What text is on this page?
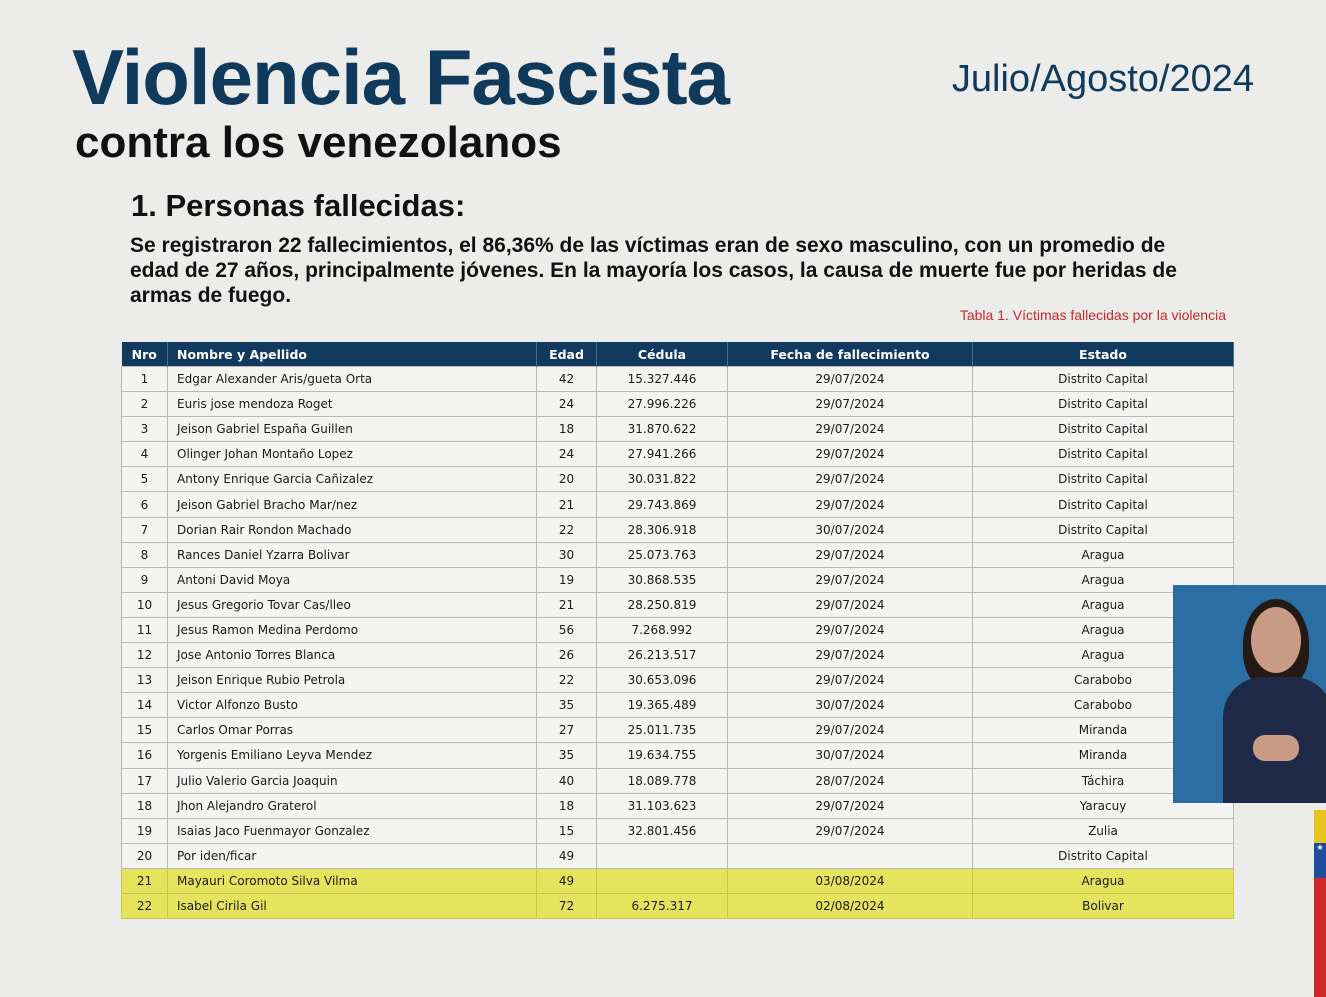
Violencia Fascista
contra los venezolanos
Julio/Agosto/2024
1. Personas fallecidas:
Se registraron 22 fallecimientos, el 86,36% de las víctimas eran de sexo masculino, con un promedio de edad de 27 años, principalmente jóvenes. En la mayoría los casos, la causa de muerte fue por heridas de armas de fuego.
Tabla 1. Víctimas fallecidas por la violencia
Nro	Nombre y Apellido	Edad	Cédula	Fecha de fallecimiento	Estado
1	Edgar Alexander Aris/gueta Orta	42	15.327.446	29/07/2024	Distrito Capital
2	Euris jose mendoza Roget	24	27.996.226	29/07/2024	Distrito Capital
3	Jeison Gabriel España Guillen	18	31.870.622	29/07/2024	Distrito Capital
4	Olinger Johan Montaño Lopez	24	27.941.266	29/07/2024	Distrito Capital
5	Antony Enrique Garcia Cañizalez	20	30.031.822	29/07/2024	Distrito Capital
6	Jeison Gabriel Bracho Mar/nez	21	29.743.869	29/07/2024	Distrito Capital
7	Dorian Rair Rondon Machado	22	28.306.918	30/07/2024	Distrito Capital
8	Rances Daniel Yzarra Bolivar	30	25.073.763	29/07/2024	Aragua
9	Antoni David Moya	19	30.868.535	29/07/2024	Aragua
10	Jesus Gregorio Tovar Cas/lleo	21	28.250.819	29/07/2024	Aragua
11	Jesus Ramon Medina Perdomo	56	7.268.992	29/07/2024	Aragua
12	Jose Antonio Torres Blanca	26	26.213.517	29/07/2024	Aragua
13	Jeison Enrique Rubio Petrola	22	30.653.096	29/07/2024	Carabobo
14	Victor Alfonzo Busto	35	19.365.489	30/07/2024	Carabobo
15	Carlos Omar Porras	27	25.011.735	29/07/2024	Miranda
16	Yorgenis Emiliano Leyva Mendez	35	19.634.755	30/07/2024	Miranda
17	Julio Valerio Garcia Joaquin	40	18.089.778	28/07/2024	Táchira
18	Jhon Alejandro Graterol	18	31.103.623	29/07/2024	Yaracuy
19	Isaias Jaco Fuenmayor Gonzalez	15	32.801.456	29/07/2024	Zulia
20	Por iden/ficar	49			Distrito Capital
21	Mayauri Coromoto Silva Vilma	49		03/08/2024	Aragua
22	Isabel Cirila Gil	72	6.275.317	02/08/2024	Bolivar
★
